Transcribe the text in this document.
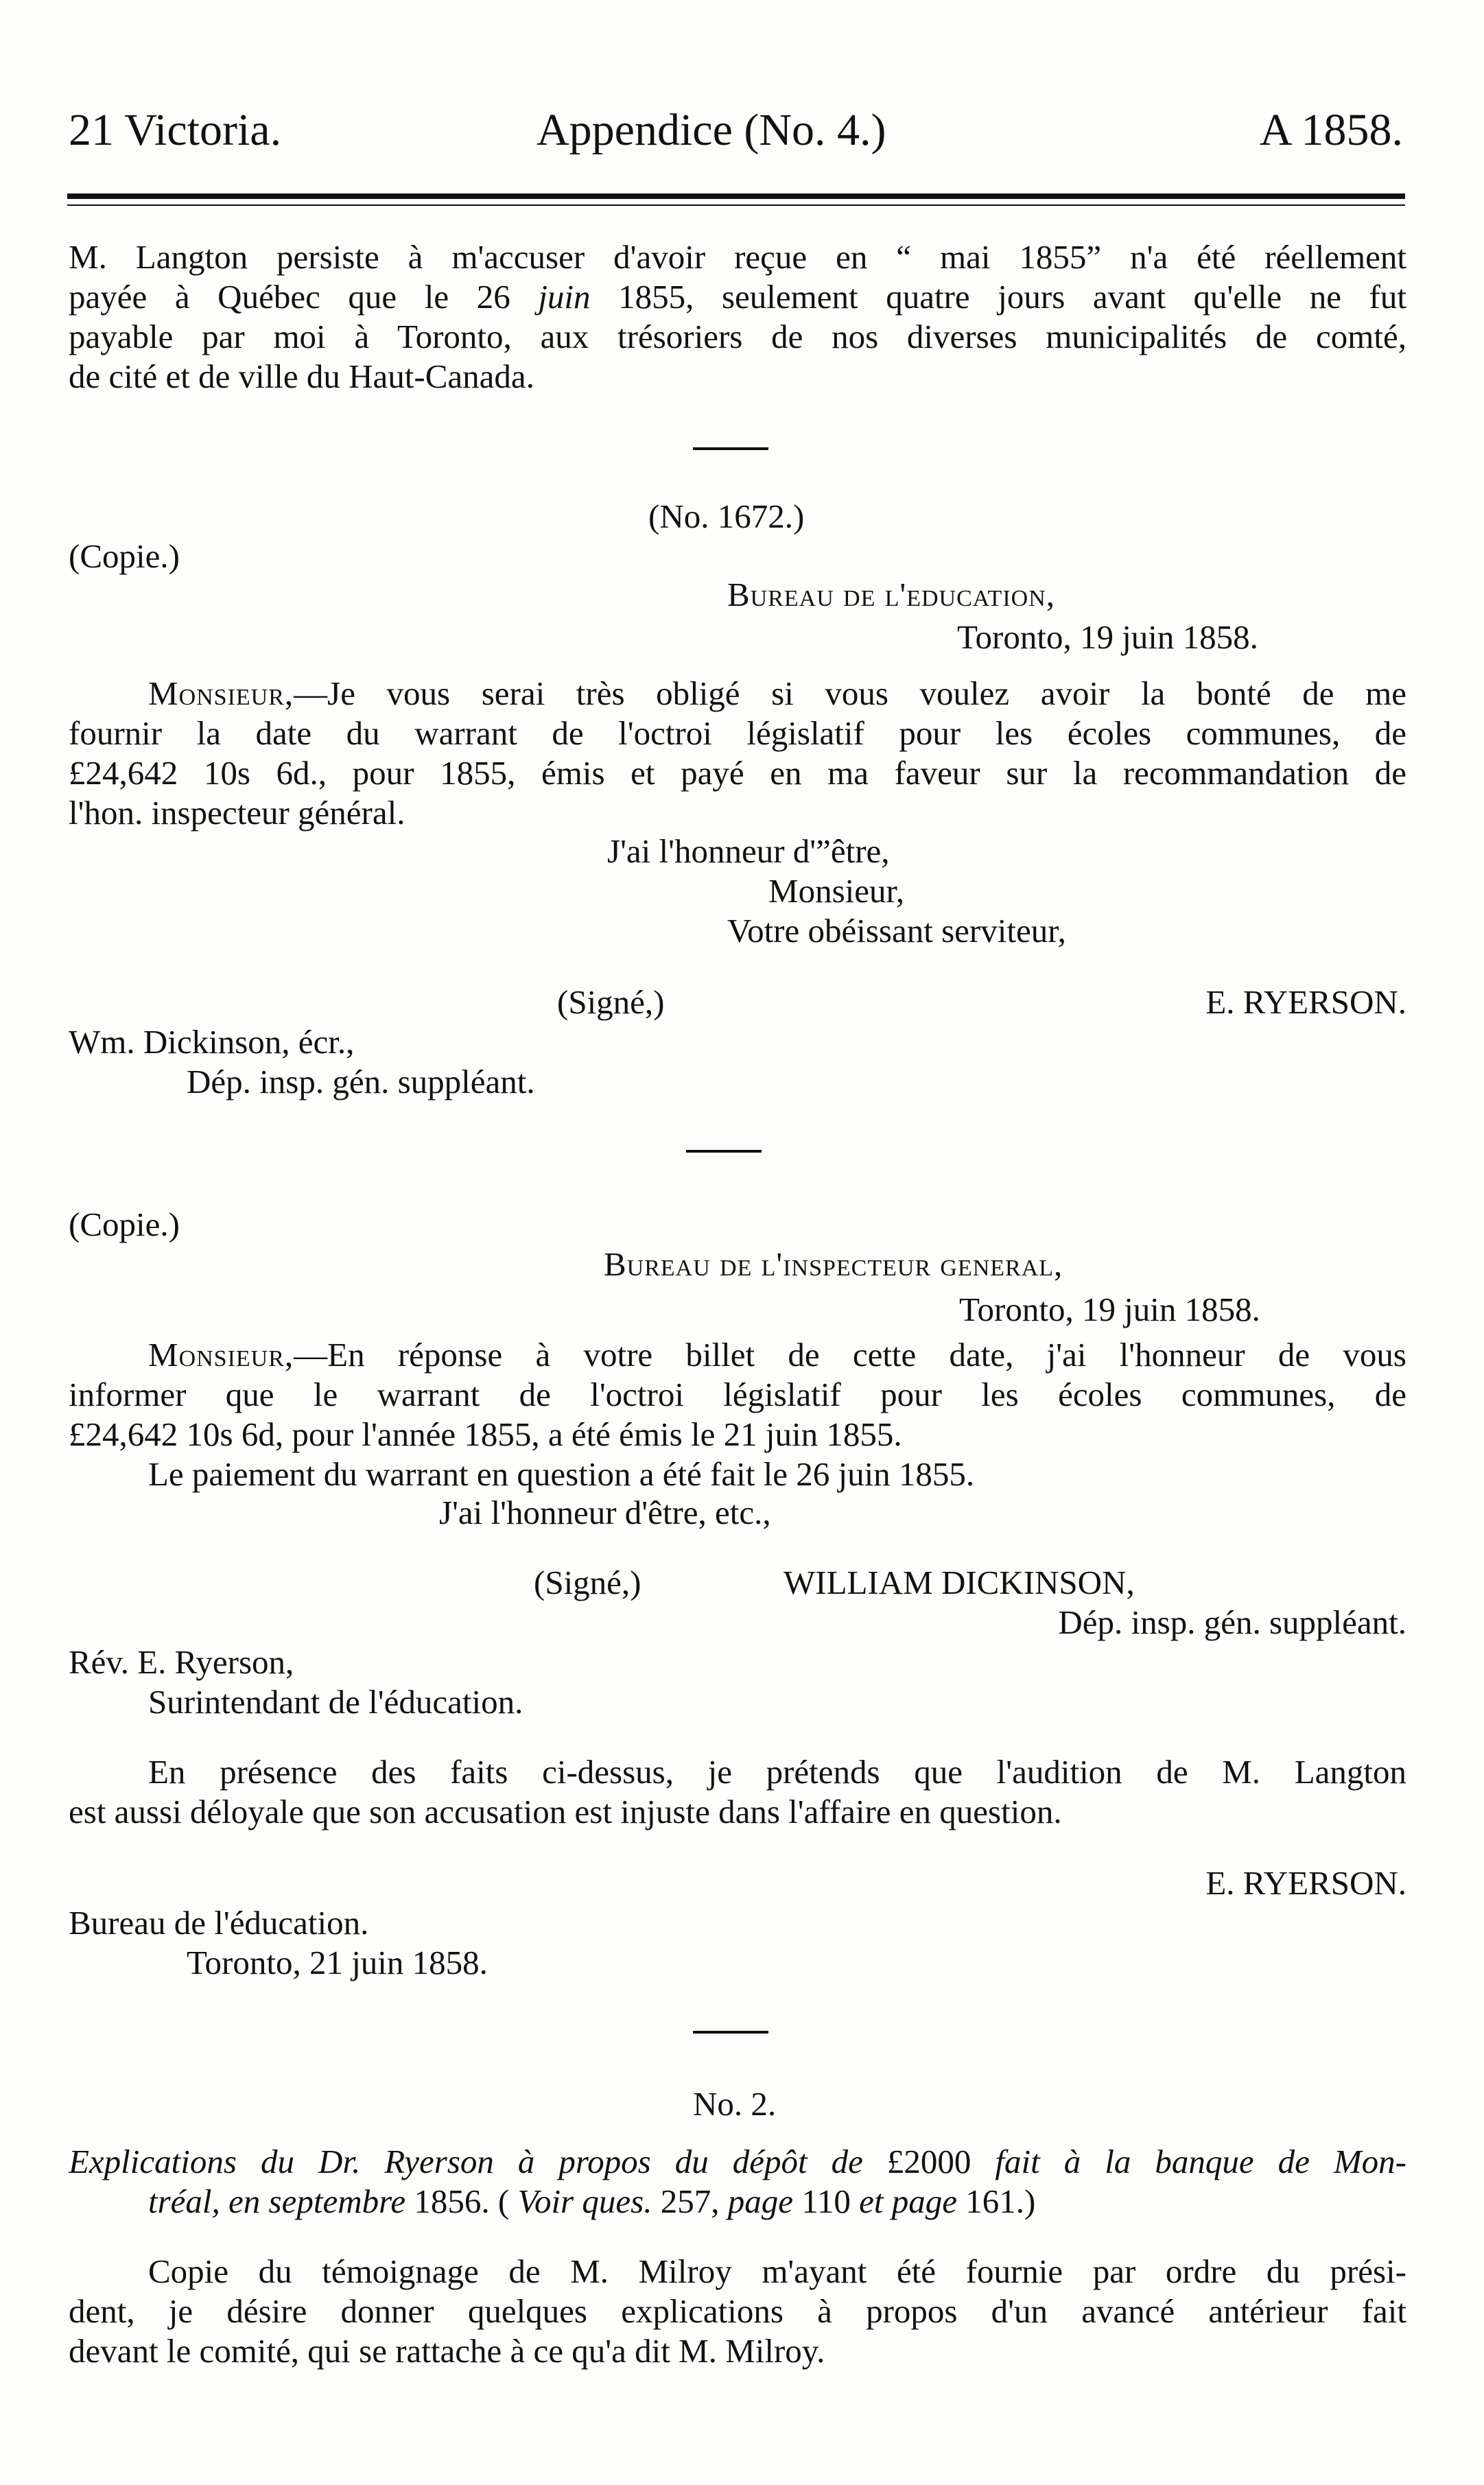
21 Victoria.	Appendice (No. 4.)	A 1858.
M. Langton persiste à m'accuser d'avoir reçue en “ mai 1855” n'a été réellement
payée à Québec que le 26 juin 1855, seulement quatre jours avant qu'elle ne fut
payable par moi à Toronto, aux trésoriers de nos diverses municipalités de comté,
de cité et de ville du Haut-Canada.
(No. 1672.)
(Copie.)
Bureau de l'education,
Toronto, 19 juin 1858.
Monsieur,—Je vous serai très obligé si vous voulez avoir la bonté de me
fournir la date du warrant de l'octroi législatif pour les écoles communes, de
£24,642 10s 6d., pour 1855, émis et payé en ma faveur sur la recommandation de
l'hon. inspecteur général.
J'ai l'honneur d'”être,
Monsieur,
Votre obéissant serviteur,
(Signé,)	E. RYERSON.
Wm. Dickinson, écr.,
Dép. insp. gén. suppléant.
(Copie.)
Bureau de l'inspecteur general,
Toronto, 19 juin 1858.
Monsieur,—En réponse à votre billet de cette date, j'ai l'honneur de vous
informer que le warrant de l'octroi législatif pour les écoles communes, de
£24,642 10s 6d, pour l'année 1855, a été émis le 21 juin 1855.
Le paiement du warrant en question a été fait le 26 juin 1855.
J'ai l'honneur d'être, etc.,
(Signé,)	WILLIAM DICKINSON,
Dép. insp. gén. suppléant.
Rév. E. Ryerson,
Surintendant de l'éducation.
En présence des faits ci-dessus, je prétends que l'audition de M. Langton
est aussi déloyale que son accusation est injuste dans l'affaire en question.
E. RYERSON.
Bureau de l'éducation.
Toronto, 21 juin 1858.
No. 2.
Explications du Dr. Ryerson à propos du dépôt de £2000 fait à la banque de Mon-
tréal, en septembre 1856. ( Voir ques. 257, page 110 et page 161.)
Copie du témoignage de M. Milroy m'ayant été fournie par ordre du prési-
dent, je désire donner quelques explications à propos d'un avancé antérieur fait
devant le comité, qui se rattache à ce qu'a dit M. Milroy.
